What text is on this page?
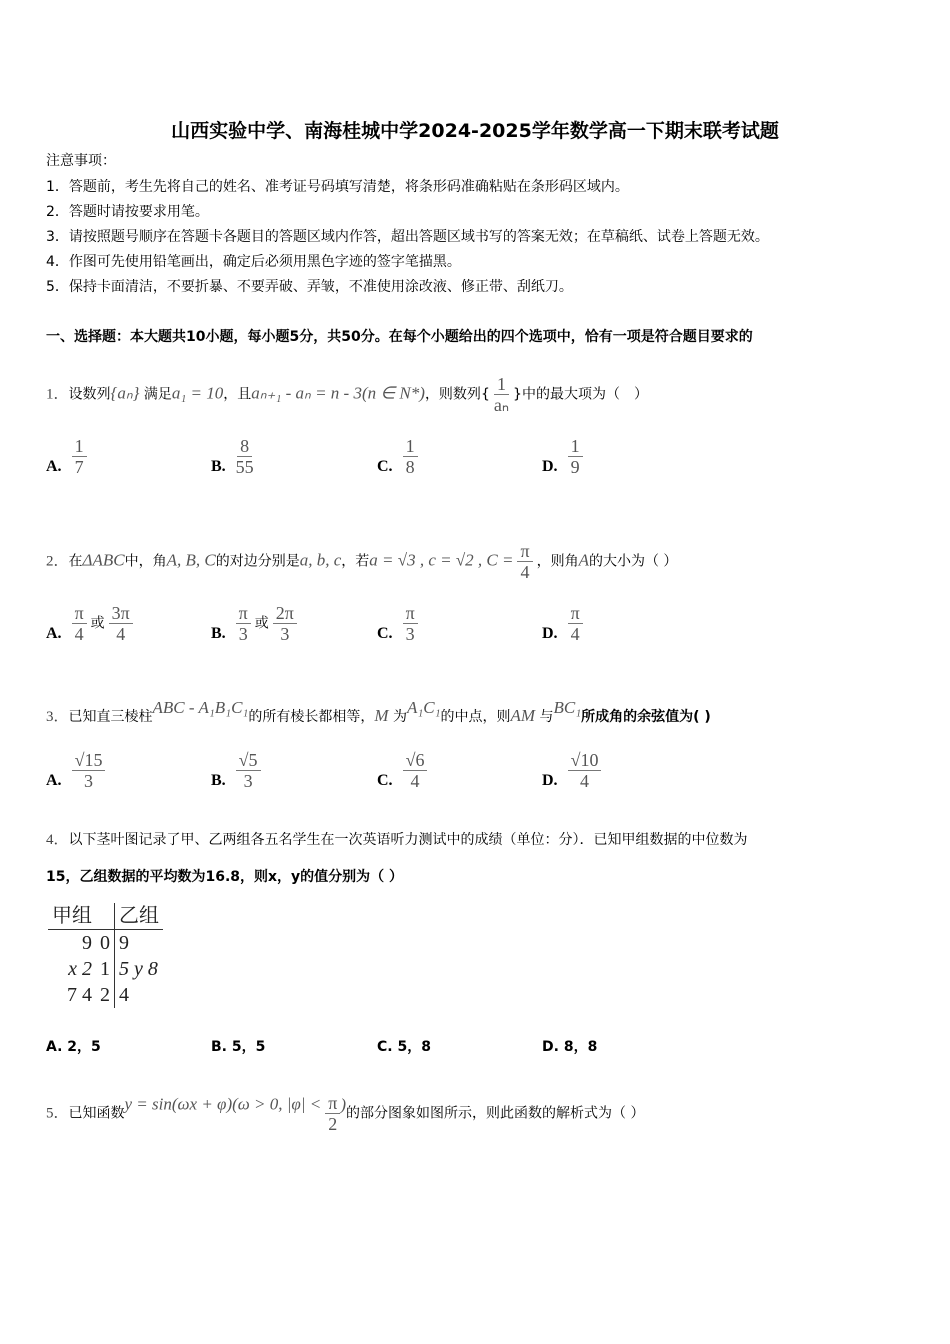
山西实验中学、南海桂城中学2024-2025学年数学高一下期末联考试题
注意事项：
1．答题前，考生先将自己的姓名、准考证号码填写清楚，将条形码准确粘贴在条形码区域内。
2．答题时请按要求用笔。
3．请按照题号顺序在答题卡各题目的答题区域内作答，超出答题区域书写的答案无效；在草稿纸、试卷上答题无效。
4．作图可先使用铅笔画出，确定后必须用黑色字迹的签字笔描黑。
5．保持卡面清洁，不要折暴、不要弄破、弄皱，不准使用涂改液、修正带、刮纸刀。
一、选择题：本大题共10小题，每小题5分，共50分。在每个小题给出的四个选项中，恰有一项是符合题目要求的
1．设数列{aₙ} 满足a₁ = 10，且aₙ₊₁ - aₙ = n - 3(n ∈ N*)，则数列{ $\frac{1}{\text{aₙ}}$ }中的最大项为（　）
A. $\frac{1}{7}$	B. $\frac{8}{55}$	C. $\frac{1}{8}$	D. $\frac{1}{9}$
2．在ΔABC中，角A, B, C的对边分别是a, b, c，若a = √3 , c = √2 , $C = \frac{\pi}{4}$ ，则角A的大小为（ ）
A. $\frac{\pi}{4}$ 或 $\frac{3\pi}{4}$	B. $\frac{\pi}{3}$ 或 $\frac{2\pi}{3}$	C. $\frac{\pi}{3}$	D. $\frac{\pi}{4}$
3．已知直三棱柱ABC - A₁B₁C₁的所有棱长都相等，M 为A₁C₁的中点，则AM 与BC₁所成角的余弦值为( )
A. $\frac{√15}{3}$	B. $\frac{√5}{3}$	C. $\frac{√6}{4}$	D. $\frac{√10}{4}$
4．以下茎叶图记录了甲、乙两组各五名学生在一次英语听力测试中的成绩（单位：分）．已知甲组数据的中位数为
15，乙组数据的平均数为16.8，则x，y的值分别为（ ）
甲组		乙组
9	0	9
x 2	1	5 y 8
7 4	2	4
A. 2，5	B. 5，5	C. 5，8	D. 8，8
5．已知函数y = sin(ωx + φ)(ω > 0, $|\varphi| < \frac{\pi}{2}$ )的部分图象如图所示，则此函数的解析式为（ ）
